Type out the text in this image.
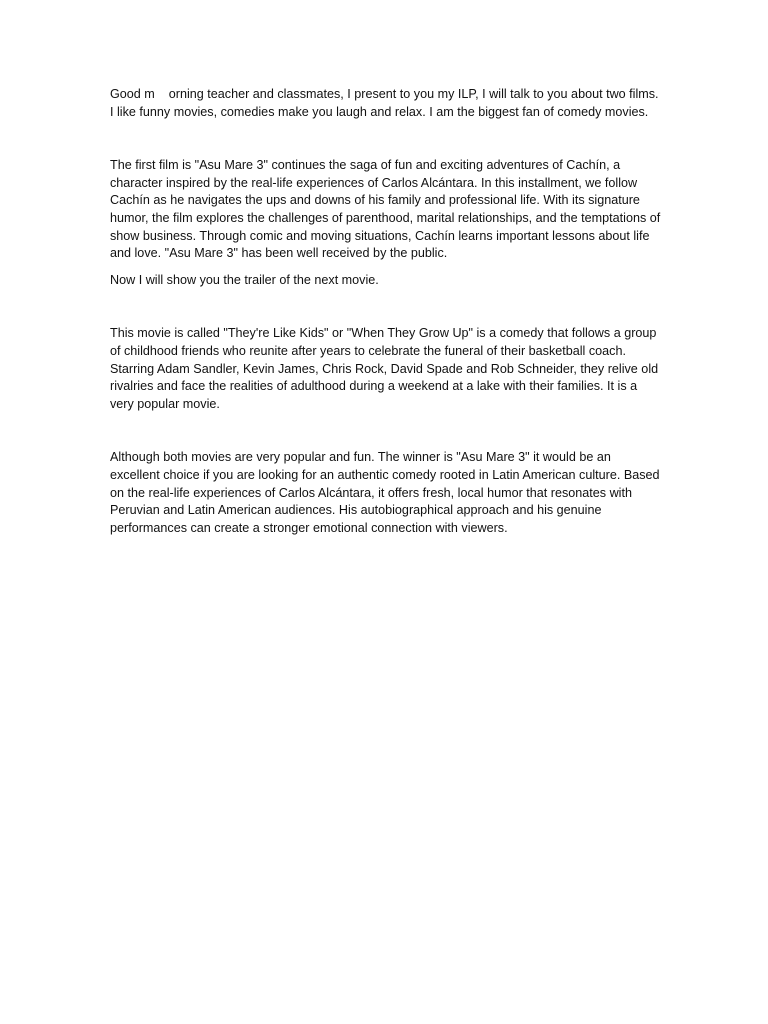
Good m    orning teacher and classmates, I present to you my ILP, I will talk to you about two films. I like funny movies, comedies make you laugh and relax. I am the biggest fan of comedy movies.

The first film is "Asu Mare 3" continues the saga of fun and exciting adventures of Cachín, a character inspired by the real-life experiences of Carlos Alcántara. In this installment, we follow Cachín as he navigates the ups and downs of his family and professional life. With its signature humor, the film explores the challenges of parenthood, marital relationships, and the temptations of show business. Through comic and moving situations, Cachín learns important lessons about life and love. "Asu Mare 3" has been well received by the public.

Now I will show you the trailer of the next movie.

This movie is called "They're Like Kids" or "When They Grow Up" is a comedy that follows a group of childhood friends who reunite after years to celebrate the funeral of their basketball coach. Starring Adam Sandler, Kevin James, Chris Rock, David Spade and Rob Schneider, they relive old rivalries and face the realities of adulthood during a weekend at a lake with their families. It is a very popular movie.

Although both movies are very popular and fun. The winner is "Asu Mare 3" it would be an excellent choice if you are looking for an authentic comedy rooted in Latin American culture. Based on the real-life experiences of Carlos Alcántara, it offers fresh, local humor that resonates with Peruvian and Latin American audiences. His autobiographical approach and his genuine performances can create a stronger emotional connection with viewers.
